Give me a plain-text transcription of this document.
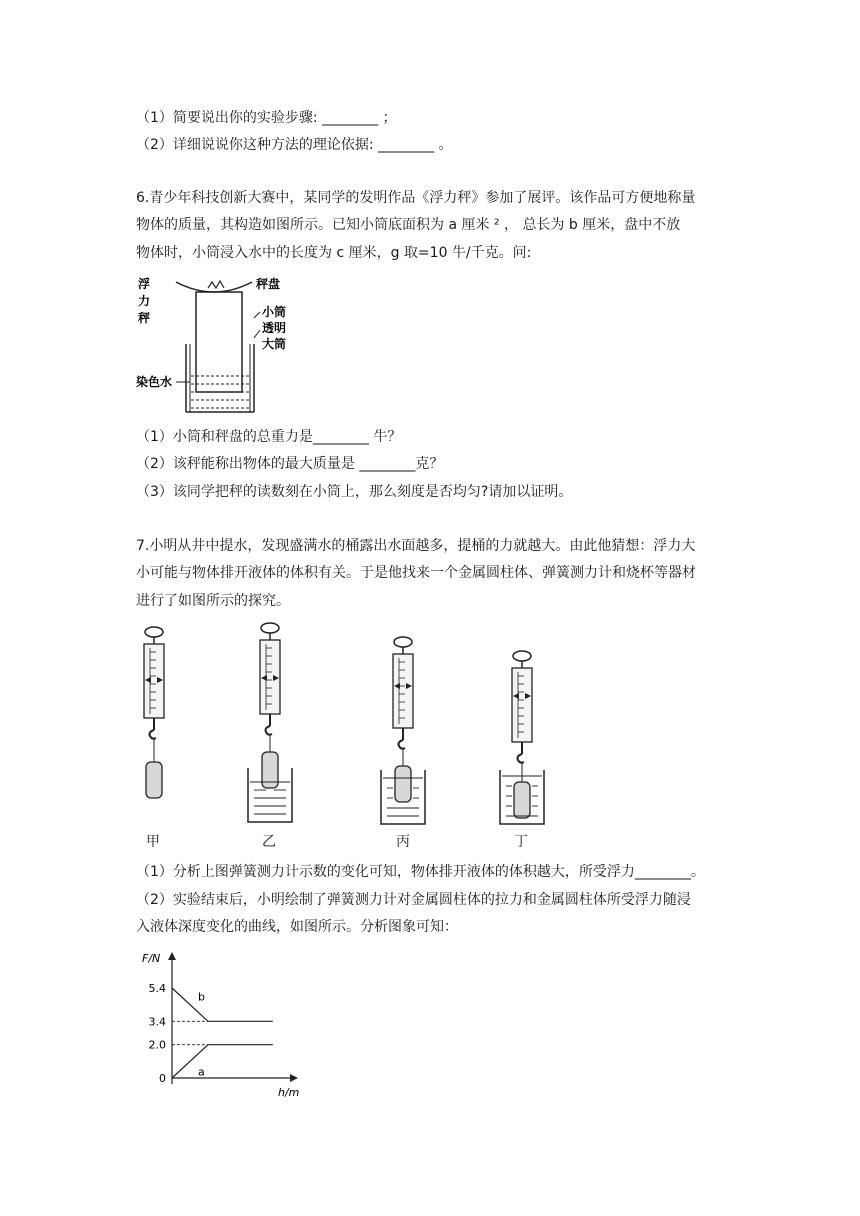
（1）简要说出你的实验步骤: ________ ；
（2）详细说说你这种方法的理论依据: ________ 。
6.青少年科技创新大赛中，某同学的发明作品《浮力秤》参加了展评。该作品可方便地称量
物体的质量，其构造如图所示。已知小筒底面积为 a 厘米 ² ， 总长为 b 厘米，盘中不放
物体时，小筒浸入水中的长度为 c 厘米，g 取=10 牛/千克。问:
浮
力
秤
秤盘
小筒
透明
大筒
染色水
（1）小筒和秤盘的总重力是________ 牛？
（2）该秤能称出物体的最大质量是 ________克？
（3）该同学把秤的读数刻在小筒上，那么刻度是否均匀?请加以证明。
7.小明从井中提水，发现盛满水的桶露出水面越多，提桶的力就越大。由此他猜想：浮力大
小可能与物体排开液体的体积有关。于是他找来一个金属圆柱体、弹簧测力计和烧杯等器材
进行了如图所示的探究。
甲	乙	丙	丁
（1）分析上图弹簧测力计示数的变化可知，物体排开液体的体积越大，所受浮力________。
（2）实验结束后，小明绘制了弹簧测力计对金属圆柱体的拉力和金属圆柱体所受浮力随浸
入液体深度变化的曲线，如图所示。分析图象可知：
F/N
h/m
5.4
3.4
2.0
0
b
a
